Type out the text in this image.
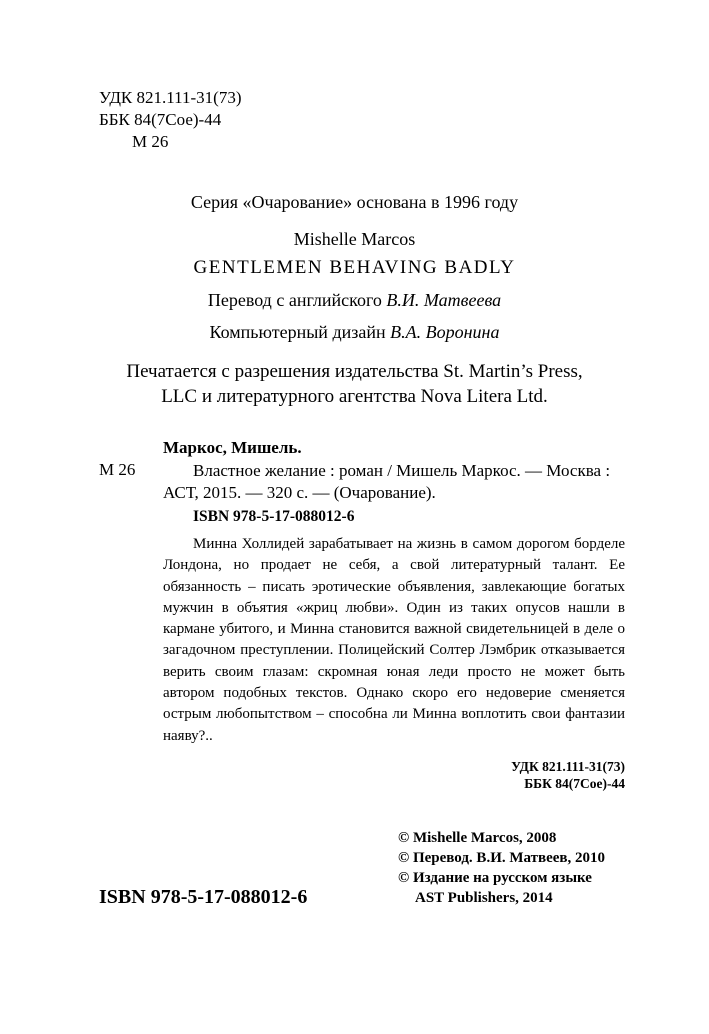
УДК 821.111-31(73)
ББК 84(7Сое)-44
М 26
Серия «Очарование» основана в 1996 году
Mishelle Marcos
GENTLEMEN BEHAVING BADLY
Перевод с английского В.И. Матвеева
Компьютерный дизайн В.А. Воронина
Печатается с разрешения издательства St. Martin’s Press,
LLC и литературного агентства Nova Litera Ltd.
Маркос, Мишель.
М 26	Властное желание : роман / Мишель Маркос. — Москва : АСТ, 2015. — 320 с. — (Очарование).
ISBN 978-5-17-088012-6
Минна Холлидей зарабатывает на жизнь в самом дорогом борделе Лондона, но продает не себя, а свой литературный талант. Ее обязанность – писать эротические объявления, завлекающие богатых мужчин в объятия «жриц любви». Один из таких опусов нашли в кармане убитого, и Минна становится важной свидетельницей в деле о загадочном преступлении. Полицейский Солтер Лэмбрик отказывается верить своим глазам: скромная юная леди просто не может быть автором подобных текстов. Однако скоро его недоверие сменяется острым любопытством – способна ли Минна воплотить свои фантазии наяву?..
УДК 821.111-31(73)
ББК 84(7Сое)-44
© Mishelle Marcos, 2008
© Перевод. В.И. Матвеев, 2010
© Издание на русском языке
AST Publishers, 2014
ISBN 978-5-17-088012-6
